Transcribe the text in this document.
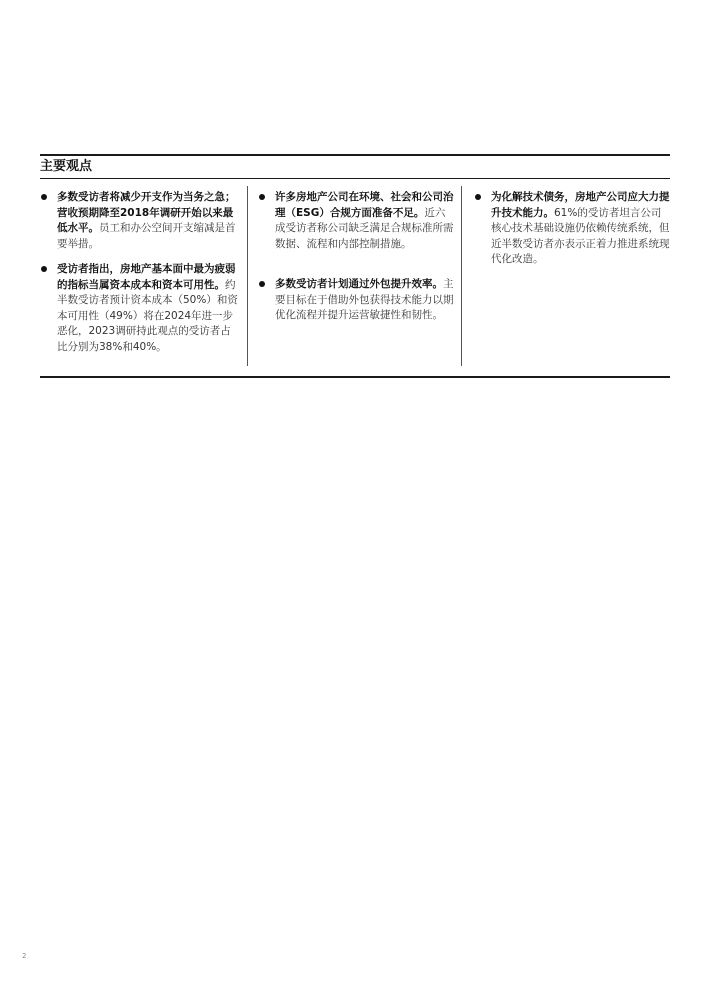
主要观点
多数受访者将减少开支作为当务之急；营收预期降至2018年调研开始以来最低水平。员工和办公空间开支缩减是首要举措。
受访者指出，房地产基本面中最为疲弱的指标当属资本成本和资本可用性。约半数受访者预计资本成本（50%）和资本可用性（49%）将在2024年进一步恶化，2023调研持此观点的受访者占比分别为38%和40%。
许多房地产公司在环境、社会和公司治理（ESG）合规方面准备不足。近六成受访者称公司缺乏满足合规标准所需数据、流程和内部控制措施。
多数受访者计划通过外包提升效率。主要目标在于借助外包获得技术能力以期优化流程并提升运营敏捷性和韧性。
为化解技术债务，房地产公司应大力提升技术能力。61%的受访者坦言公司核心技术基础设施仍依赖传统系统，但近半数受访者亦表示正着力推进系统现代化改造。
2
